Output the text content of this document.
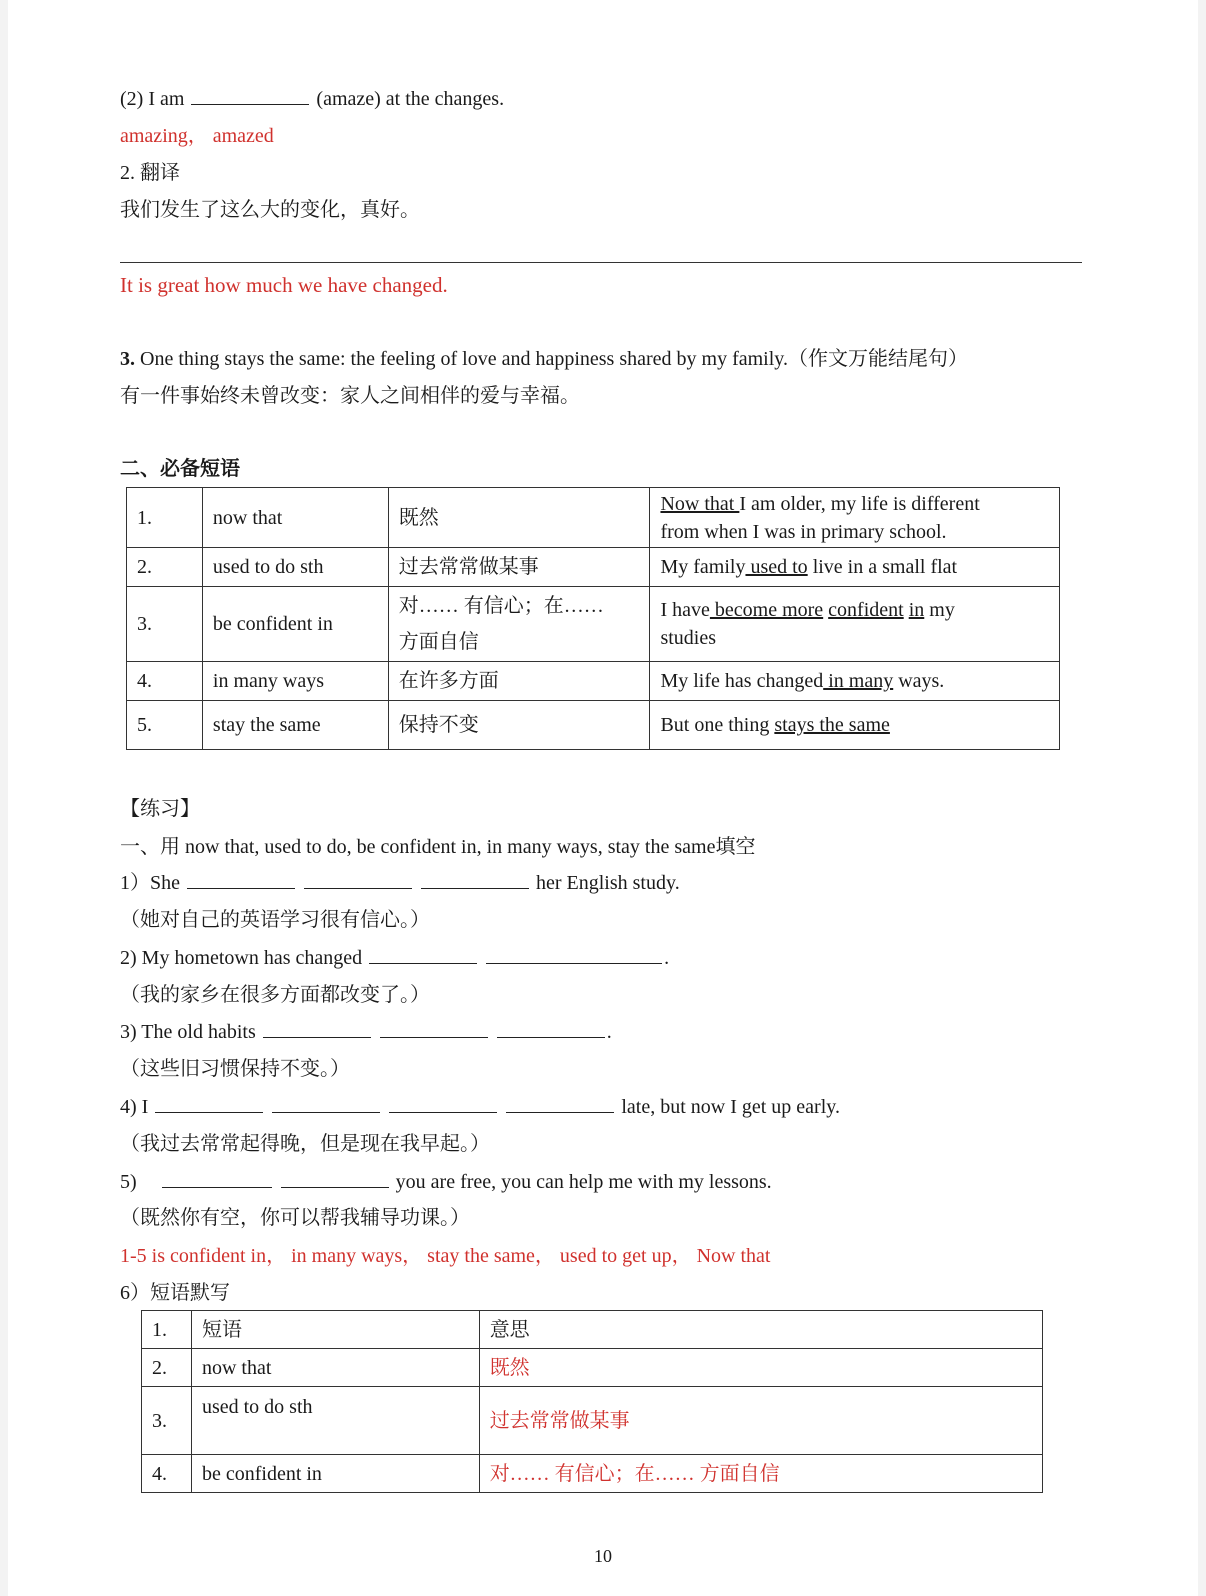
(2) I am	(amaze) at the changes.
amazing， amazed
2. 翻译
我们发生了这么大的变化，真好。
It is great how much we have changed.
3. One thing stays the same: the feeling of love and happiness shared by my family.（作文万能结尾句）
有一件事始终未曾改变：家人之间相伴的爱与幸福。
二、必备短语
1.	now that	既然	Now that I am older, my life is different
from when I was in primary school.
2.	used to do sth	过去常常做某事	My family used to live in a small flat
3.	be confident in	对…… 有信心；在……
方面自信	I have become more confident in my
studies
4.	in many ways	在许多方面	My life has changed in many ways.
5.	stay the same	保持不变	But one thing stays the same
【练习】
一、用 now that, used to do, be confident in, in many ways, stay the same填空
1）She	her English study.
（她对自己的英语学习很有信心。）
2) My hometown has changed	.
（我的家乡在很多方面都改变了。）
3) The old habits	.
（这些旧习惯保持不变。）
4) I	late, but now I get up early.
（我过去常常起得晚，但是现在我早起。）
5)	you are free, you can help me with my lessons.
（既然你有空，你可以帮我辅导功课。）
1-5 is confident in， in many ways， stay the same， used to get up， Now that
6）短语默写
1.	短语	意思
2.	now that	既然
3.	used to do sth	过去常常做某事
4.	be confident in	对…… 有信心；在…… 方面自信
10
